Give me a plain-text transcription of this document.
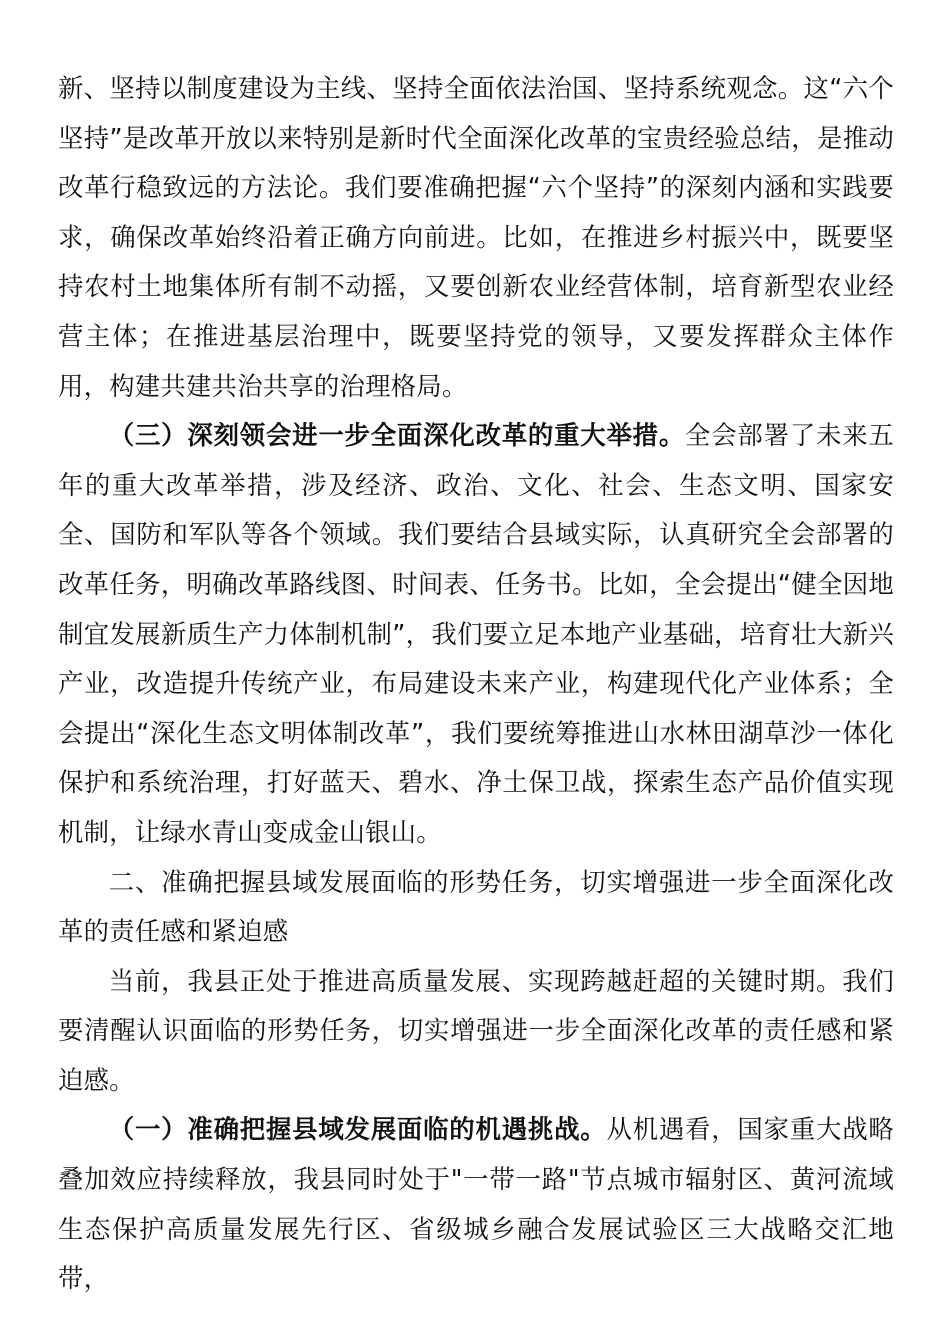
新、坚持以制度建设为主线、坚持全面依法治国、坚持系统观念。这“六个坚持”是改革开放以来特别是新时代全面深化改革的宝贵经验总结，是推动改革行稳致远的方法论。我们要准确把握“六个坚持”的深刻内涵和实践要求，确保改革始终沿着正确方向前进。比如，在推进乡村振兴中，既要坚持农村土地集体所有制不动摇，又要创新农业经营体制，培育新型农业经营主体；在推进基层治理中，既要坚持党的领导，又要发挥群众主体作用，构建共建共治共享的治理格局。

（三）深刻领会进一步全面深化改革的重大举措。全会部署了未来五年的重大改革举措，涉及经济、政治、文化、社会、生态文明、国家安全、国防和军队等各个领域。我们要结合县域实际，认真研究全会部署的改革任务，明确改革路线图、时间表、任务书。比如，全会提出“健全因地制宜发展新质生产力体制机制”，我们要立足本地产业基础，培育壮大新兴产业，改造提升传统产业，布局建设未来产业，构建现代化产业体系；全会提出“深化生态文明体制改革”，我们要统筹推进山水林田湖草沙一体化保护和系统治理，打好蓝天、碧水、净土保卫战，探索生态产品价值实现机制，让绿水青山变成金山银山。

二、准确把握县域发展面临的形势任务，切实增强进一步全面深化改革的责任感和紧迫感

当前，我县正处于推进高质量发展、实现跨越赶超的关键时期。我们要清醒认识面临的形势任务，切实增强进一步全面深化改革的责任感和紧迫感。

（一）准确把握县域发展面临的机遇挑战。从机遇看，国家重大战略叠加效应持续释放，我县同时处于"一带一路"节点城市辐射区、黄河流域生态保护高质量发展先行区、省级城乡融合发展试验区三大战略交汇地带，
